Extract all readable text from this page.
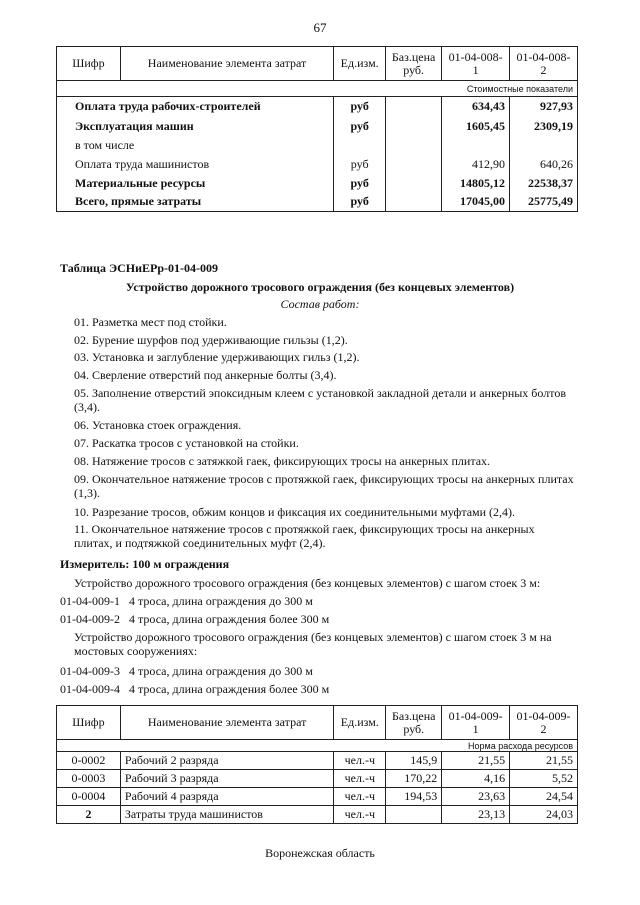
67
Шифр	Наименование элемента затрат	Ед.изм.	Баз.цена руб.	01-04-008-1	01-04-008-2
Стоимостные показатели					
Оплата труда рабочих-строителей		руб		634,43	927,93
Эксплуатация машин		руб		1605,45	2309,19
в том числе					
Оплата труда машинистов		руб		412,90	640,26
Материальные ресурсы		руб		14805,12	22538,37
Всего, прямые затраты		руб		17045,00	25775,49
Таблица ЭСНиЕРр-01-04-009
Устройство дорожного тросового ограждения (без концевых элементов)
Состав работ:
01. Разметка мест под стойки.
02. Бурение шурфов под удерживающие гильзы (1,2).
03. Установка и заглубление удерживающих гильз (1,2).
04. Сверление отверстий под анкерные болты (3,4).
05. Заполнение отверстий эпоксидным клеем с установкой закладной детали и анкерных болтов (3,4).
06. Установка стоек ограждения.
07. Раскатка тросов с установкой на стойки.
08. Натяжение тросов с затяжкой гаек, фиксирующих тросы на анкерных плитах.
09. Окончательное натяжение тросов с протяжкой гаек, фиксирующих тросы на анкерных плитах (1,3).
10. Разрезание тросов, обжим концов и фиксация их соединительными муфтами (2,4).
11. Окончательное натяжение тросов с протяжкой гаек, фиксирующих тросы на анкерных плитах, и подтяжкой соединительных муфт (2,4).
Измеритель: 100 м ограждения
Устройство дорожного тросового ограждения (без концевых элементов) с шагом стоек 3 м:
01-04-009-1 4 троса, длина ограждения до 300 м
01-04-009-2 4 троса, длина ограждения более 300 м
Устройство дорожного тросового ограждения (без концевых элементов) с шагом стоек 3 м на мостовых сооружениях:
01-04-009-3 4 троса, длина ограждения до 300 м
01-04-009-4 4 троса, длина ограждения более 300 м
Шифр	Наименование элемента затрат	Ед.изм.	Баз.цена руб.	01-04-009-1	01-04-009-2
				Норма расхода ресурсов	
0-0002	Рабочий 2 разряда	чел.-ч	145,9	21,55	21,55
0-0003	Рабочий 3 разряда	чел.-ч	170,22	4,16	5,52
0-0004	Рабочий 4 разряда	чел.-ч	194,53	23,63	24,54
2	Затраты труда машинистов	чел.-ч		23,13	24,03
Воронежская область
